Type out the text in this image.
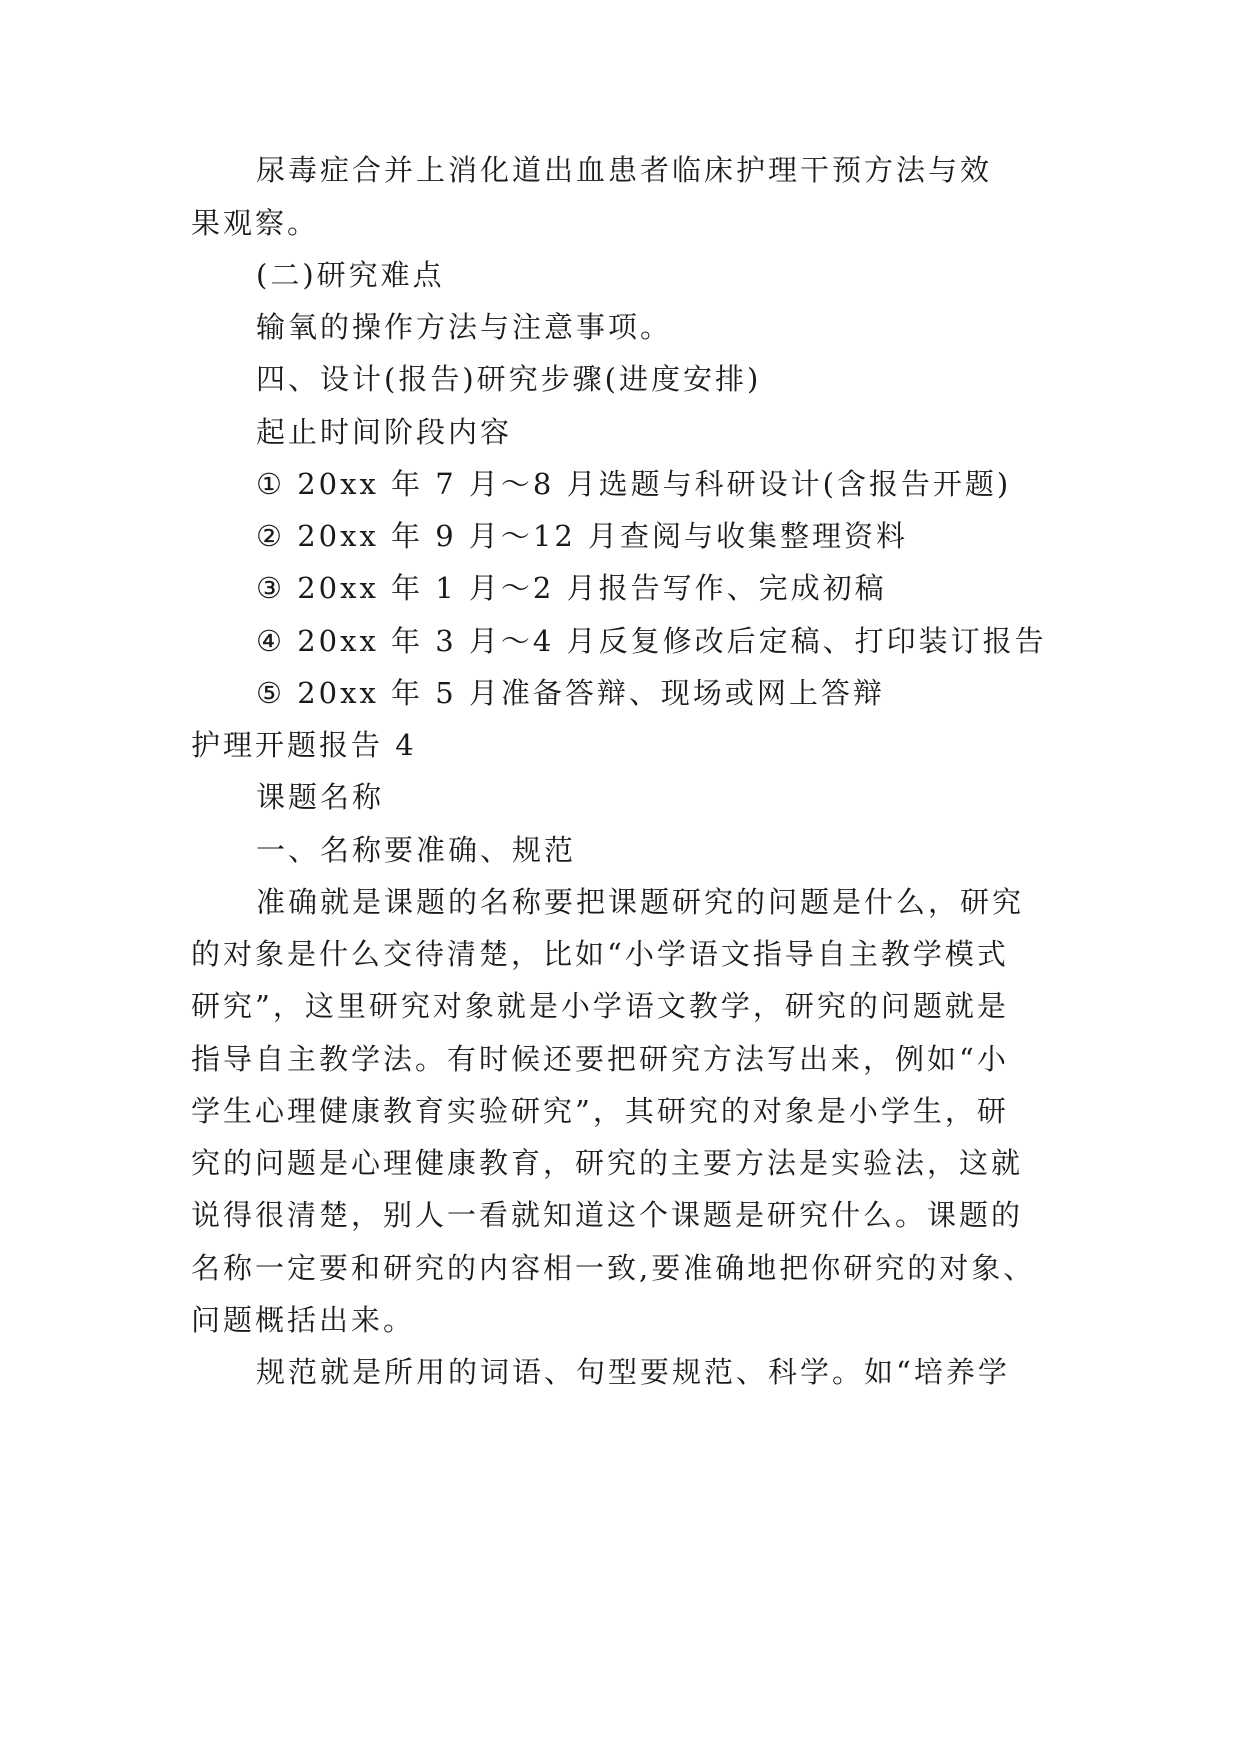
尿毒症合并上消化道出血患者临床护理干预方法与效
果观察。
(二)研究难点
输氧的操作方法与注意事项。
四、设计(报告)研究步骤(进度安排)
起止时间阶段内容
① 20xx 年 7 月～8 月选题与科研设计(含报告开题)
② 20xx 年 9 月～12 月查阅与收集整理资料
③ 20xx 年 1 月～2 月报告写作、完成初稿
④ 20xx 年 3 月～4 月反复修改后定稿、打印装订报告
⑤ 20xx 年 5 月准备答辩、现场或网上答辩
护理开题报告 4
课题名称
一、名称要准确、规范
准确就是课题的名称要把课题研究的问题是什么，研究
的对象是什么交待清楚，比如“小学语文指导自主教学模式
研究”，这里研究对象就是小学语文教学，研究的问题就是
指导自主教学法。有时候还要把研究方法写出来，例如“小
学生心理健康教育实验研究”，其研究的对象是小学生，研
究的问题是心理健康教育，研究的主要方法是实验法，这就
说得很清楚，别人一看就知道这个课题是研究什么。课题的
名称一定要和研究的内容相一致,要准确地把你研究的对象、
问题概括出来。
规范就是所用的词语、句型要规范、科学。如“培养学
